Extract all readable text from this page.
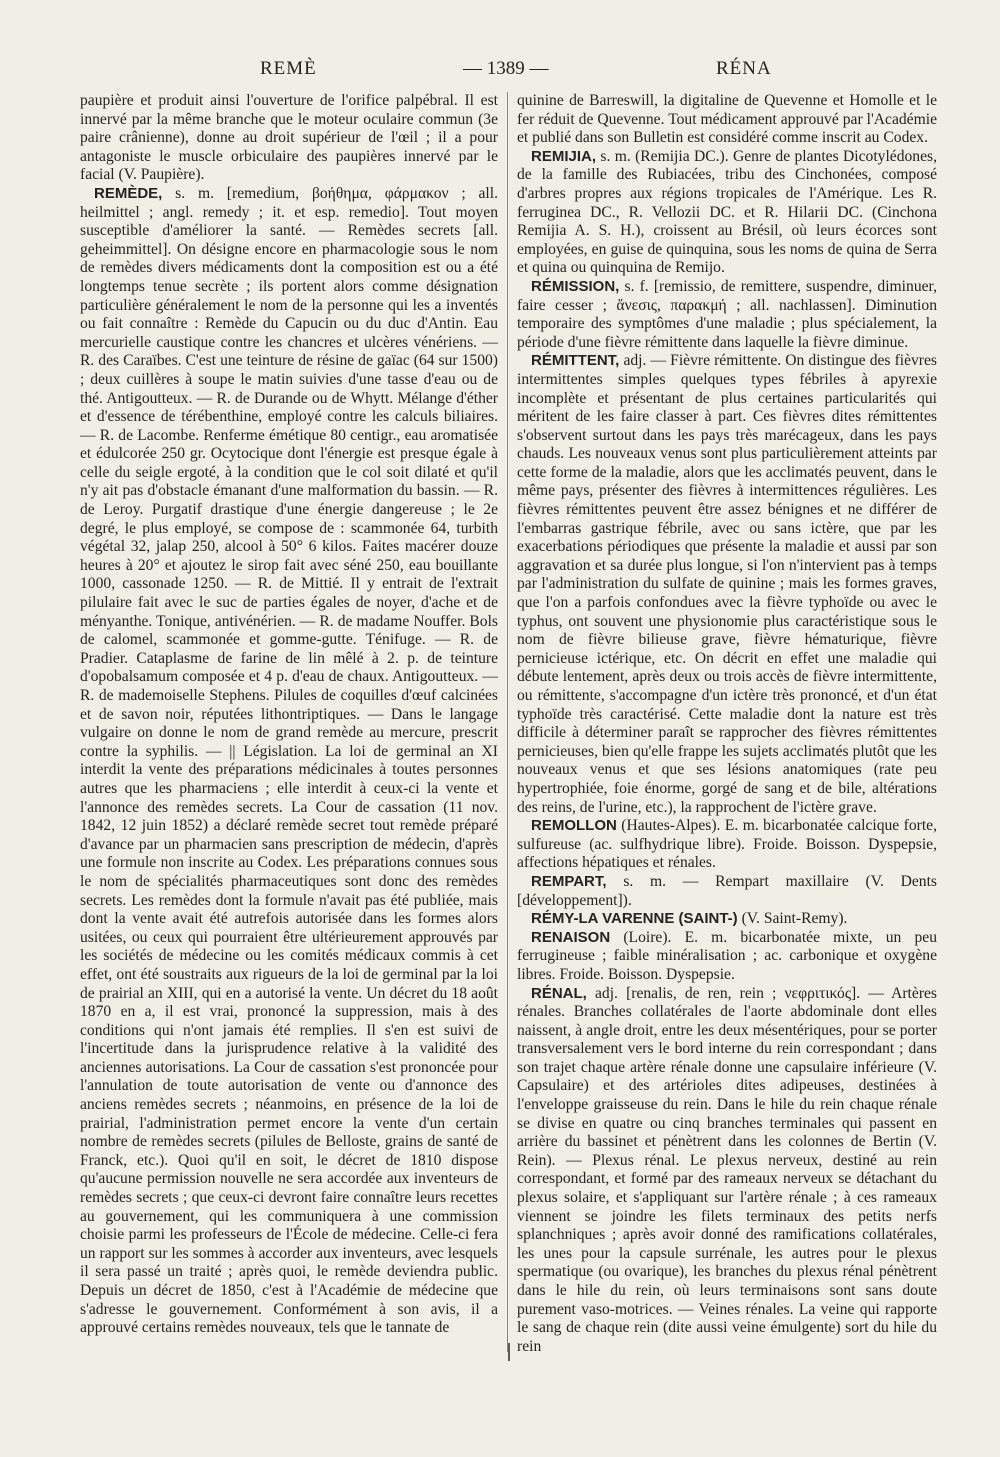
REMÈ	— 1389 —	RÉNA

paupière et produit ainsi l'ouverture de l'orifice palpébral. Il est innervé par la même branche que le moteur oculaire commun (3e paire crânienne), donne au droit supérieur de l'œil ; il a pour antagoniste le muscle orbiculaire des paupières innervé par le facial (V. Paupière).

REMÈDE, s. m. [remedium, βοήθημα, φάρμακον ; all. heilmittel ; angl. remedy ; it. et esp. remedio]. Tout moyen susceptible d'améliorer la santé. — Remèdes secrets [all. geheimmittel]. On désigne encore en pharmacologie sous le nom de remèdes divers médicaments dont la composition est ou a été longtemps tenue secrète ; ils portent alors comme désignation particulière généralement le nom de la personne qui les a inventés ou fait connaître : Remède du Capucin ou du duc d'Antin. Eau mercurielle caustique contre les chancres et ulcères vénériens. — R. des Caraïbes. C'est une teinture de résine de gaïac (64 sur 1500) ; deux cuillères à soupe le matin suivies d'une tasse d'eau ou de thé. Antigoutteux. — R. de Durande ou de Whytt. Mélange d'éther et d'essence de térébenthine, employé contre les calculs biliaires. — R. de Lacombe. Renferme émétique 80 centigr., eau aromatisée et édulcorée 250 gr. Ocytocique dont l'énergie est presque égale à celle du seigle ergoté, à la condition que le col soit dilaté et qu'il n'y ait pas d'obstacle émanant d'une malformation du bassin. — R. de Leroy. Purgatif drastique d'une énergie dangereuse ; le 2e degré, le plus employé, se compose de : scammonée 64, turbith végétal 32, jalap 250, alcool à 50° 6 kilos. Faites macérer douze heures à 20° et ajoutez le sirop fait avec séné 250, eau bouillante 1000, cassonade 1250. — R. de Mittié. Il y entrait de l'extrait pilulaire fait avec le suc de parties égales de noyer, d'ache et de ményanthe. Tonique, antivénérien. — R. de madame Nouffer. Bols de calomel, scammonée et gomme-gutte. Ténifuge. — R. de Pradier. Cataplasme de farine de lin mêlé à 2. p. de teinture d'opobalsamum composée et 4 p. d'eau de chaux. Antigoutteux. — R. de mademoiselle Stephens. Pilules de coquilles d'œuf calcinées et de savon noir, réputées lithontriptiques. — Dans le langage vulgaire on donne le nom de grand remède au mercure, prescrit contre la syphilis. — || Législation. La loi de germinal an XI interdit la vente des préparations médicinales à toutes personnes autres que les pharmaciens ; elle interdit à ceux-ci la vente et l'annonce des remèdes secrets. La Cour de cassation (11 nov. 1842, 12 juin 1852) a déclaré remède secret tout remède préparé d'avance par un pharmacien sans prescription de médecin, d'après une formule non inscrite au Codex. Les préparations connues sous le nom de spécialités pharmaceutiques sont donc des remèdes secrets. Les remèdes dont la formule n'avait pas été publiée, mais dont la vente avait été autrefois autorisée dans les formes alors usitées, ou ceux qui pourraient être ultérieurement approuvés par les sociétés de médecine ou les comités médicaux commis à cet effet, ont été soustraits aux rigueurs de la loi de germinal par la loi de prairial an XIII, qui en a autorisé la vente. Un décret du 18 août 1870 en a, il est vrai, prononcé la suppression, mais à des conditions qui n'ont jamais été remplies. Il s'en est suivi de l'incertitude dans la jurisprudence relative à la validité des anciennes autorisations. La Cour de cassation s'est prononcée pour l'annulation de toute autorisation de vente ou d'annonce des anciens remèdes secrets ; néanmoins, en présence de la loi de prairial, l'administration permet encore la vente d'un certain nombre de remèdes secrets (pilules de Belloste, grains de santé de Franck, etc.). Quoi qu'il en soit, le décret de 1810 dispose qu'aucune permission nouvelle ne sera accordée aux inventeurs de remèdes secrets ; que ceux-ci devront faire connaître leurs recettes au gouvernement, qui les communiquera à une commission choisie parmi les professeurs de l'École de médecine. Celle-ci fera un rapport sur les sommes à accorder aux inventeurs, avec lesquels il sera passé un traité ; après quoi, le remède deviendra public. Depuis un décret de 1850, c'est à l'Académie de médecine que s'adresse le gouvernement. Conformément à son avis, il a approuvé certains remèdes nouveaux, tels que le tannate de

quinine de Barreswill, la digitaline de Quevenne et Homolle et le fer réduit de Quevenne. Tout médicament approuvé par l'Académie et publié dans son Bulletin est considéré comme inscrit au Codex.

REMIJIA, s. m. (Remijia DC.). Genre de plantes Dicotylédones, de la famille des Rubiacées, tribu des Cinchonées, composé d'arbres propres aux régions tropicales de l'Amérique. Les R. ferruginea DC., R. Vellozii DC. et R. Hilarii DC. (Cinchona Remijia A. S. H.), croissent au Brésil, où leurs écorces sont employées, en guise de quinquina, sous les noms de quina de Serra et quina ou quinquina de Remijo.

RÉMISSION, s. f. [remissio, de remittere, suspendre, diminuer, faire cesser ; ἄνεσις, παρακμή ; all. nachlassen]. Diminution temporaire des symptômes d'une maladie ; plus spécialement, la période d'une fièvre rémittente dans laquelle la fièvre diminue.

RÉMITTENT, adj. — Fièvre rémittente. On distingue des fièvres intermittentes simples quelques types fébriles à apyrexie incomplète et présentant de plus certaines particularités qui méritent de les faire classer à part. Ces fièvres dites rémittentes s'observent surtout dans les pays très marécageux, dans les pays chauds. Les nouveaux venus sont plus particulièrement atteints par cette forme de la maladie, alors que les acclimatés peuvent, dans le même pays, présenter des fièvres à intermittences régulières. Les fièvres rémittentes peuvent être assez bénignes et ne différer de l'embarras gastrique fébrile, avec ou sans ictère, que par les exacerbations périodiques que présente la maladie et aussi par son aggravation et sa durée plus longue, si l'on n'intervient pas à temps par l'administration du sulfate de quinine ; mais les formes graves, que l'on a parfois confondues avec la fièvre typhoïde ou avec le typhus, ont souvent une physionomie plus caractéristique sous le nom de fièvre bilieuse grave, fièvre hématurique, fièvre pernicieuse ictérique, etc. On décrit en effet une maladie qui débute lentement, après deux ou trois accès de fièvre intermittente, ou rémittente, s'accompagne d'un ictère très prononcé, et d'un état typhoïde très caractérisé. Cette maladie dont la nature est très difficile à déterminer paraît se rapprocher des fièvres rémittentes pernicieuses, bien qu'elle frappe les sujets acclimatés plutôt que les nouveaux venus et que ses lésions anatomiques (rate peu hypertrophiée, foie énorme, gorgé de sang et de bile, altérations des reins, de l'urine, etc.), la rapprochent de l'ictère grave.

REMOLLON (Hautes-Alpes). E. m. bicarbonatée calcique forte, sulfureuse (ac. sulfhydrique libre). Froide. Boisson. Dyspepsie, affections hépatiques et rénales.

REMPART, s. m. — Rempart maxillaire (V. Dents [développement]).

RÉMY-LA VARENNE (SAINT-) (V. Saint-Remy).

RENAISON (Loire). E. m. bicarbonatée mixte, un peu ferrugineuse ; faible minéralisation ; ac. carbonique et oxygène libres. Froide. Boisson. Dyspepsie.

RÉNAL, adj. [renalis, de ren, rein ; νεφριτικός]. — Artères rénales. Branches collatérales de l'aorte abdominale dont elles naissent, à angle droit, entre les deux mésentériques, pour se porter transversalement vers le bord interne du rein correspondant ; dans son trajet chaque artère rénale donne une capsulaire inférieure (V. Capsulaire) et des artérioles dites adipeuses, destinées à l'enveloppe graisseuse du rein. Dans le hile du rein chaque rénale se divise en quatre ou cinq branches terminales qui passent en arrière du bassinet et pénètrent dans les colonnes de Bertin (V. Rein). — Plexus rénal. Le plexus nerveux, destiné au rein correspondant, et formé par des rameaux nerveux se détachant du plexus solaire, et s'appliquant sur l'artère rénale ; à ces rameaux viennent se joindre les filets terminaux des petits nerfs splanchniques ; après avoir donné des ramifications collatérales, les unes pour la capsule surrénale, les autres pour le plexus spermatique (ou ovarique), les branches du plexus rénal pénètrent dans le hile du rein, où leurs terminaisons sont sans doute purement vaso-motrices. — Veines rénales. La veine qui rapporte le sang de chaque rein (dite aussi veine émulgente) sort du hile du rein
